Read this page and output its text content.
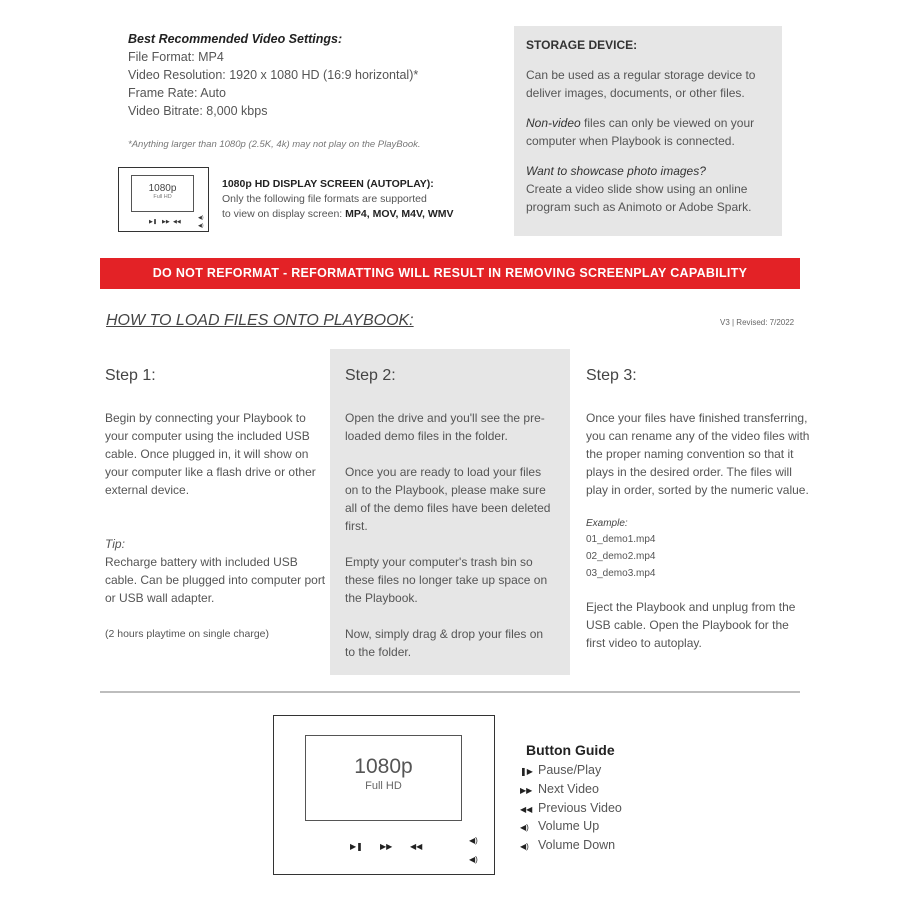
Best Recommended Video Settings:
File Format: MP4
Video Resolution: 1920 x 1080 HD (16:9 horizontal)*
Frame Rate: Auto
Video Bitrate: 8,000 kbps
*Anything larger than 1080p (2.5K, 4k) may not play on the PlayBook.
1080p
Full HD
▶❚ ▶▶ ◀◀
◀)
◀)
1080p HD DISPLAY SCREEN (AUTOPLAY):
Only the following file formats are supported
to view on display screen: MP4, MOV, M4V, WMV
STORAGE DEVICE:

Can be used as a regular storage device to deliver images, documents, or other files.

Non-video files can only be viewed on your computer when Playbook is connected.

Want to showcase photo images?
Create a video slide show using an online program such as Animoto or Adobe Spark.

DO NOT REFORMAT - REFORMATTING WILL RESULT IN REMOVING SCREENPLAY CAPABILITY
HOW TO LOAD FILES ONTO PLAYBOOK:	V3 | Revised: 7/2022
Step 1:

Begin by connecting your Playbook to your computer using the included USB cable. Once plugged in, it will show on your computer like a flash drive or other external device.

Tip:

Recharge battery with included USB cable. Can be plugged into computer port or USB wall adapter.

(2 hours playtime on single charge)

Step 2:

Open the drive and you'll see the pre-loaded demo files in the folder.

Once you are ready to load your files on to the Playbook, please make sure all of the demo files have been deleted first.

Empty your computer's trash bin so these files no longer take up space on the Playbook.

Now, simply drag & drop your files on to the folder.

Step 3:

Once your files have finished transferring, you can rename any of the video files with the proper naming convention so that it plays in the desired order. The files will play in order, sorted by the numeric value.

Example:
01_demo1.mp4
02_demo2.mp4
03_demo3.mp4

Eject the Playbook and unplug from the USB cable. Open the Playbook for the first video to autoplay.

1080p
Full HD
▶❚ ▶▶ ◀◀
◀)
◀)
Button Guide
❚▶ Pause/Play
▶▶ Next Video
◀◀ Previous Video
◀) Volume Up
◀) Volume Down
